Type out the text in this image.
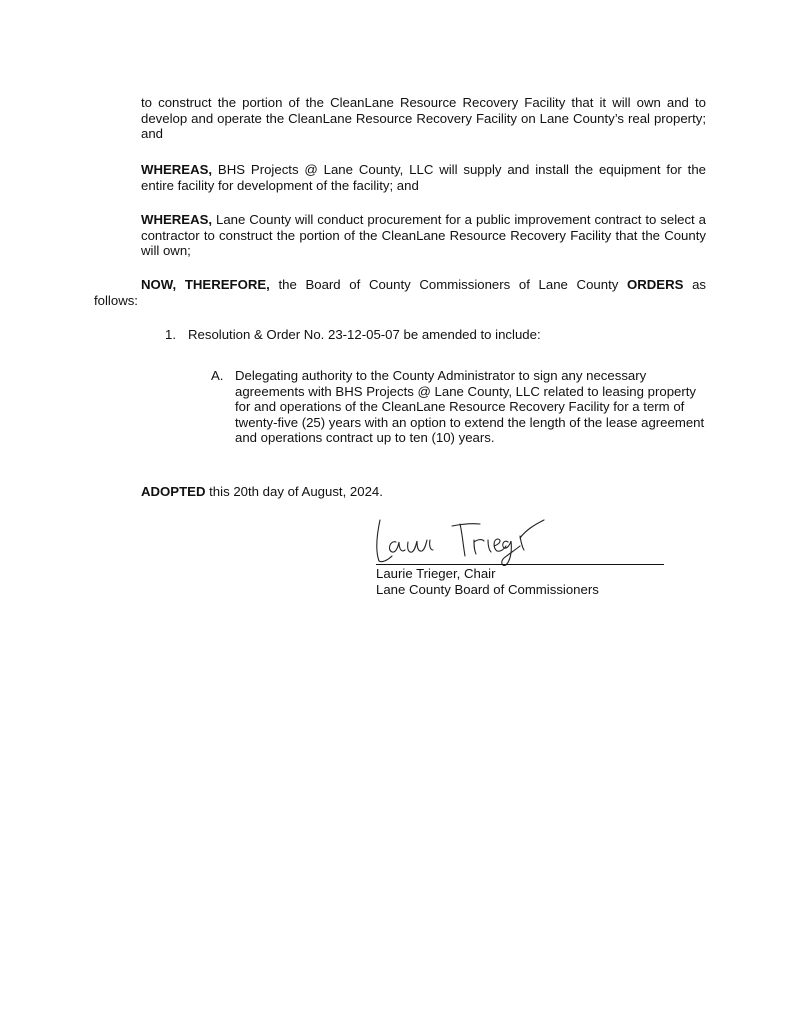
to construct the portion of the CleanLane Resource Recovery Facility that it will own and to develop and operate the CleanLane Resource Recovery Facility on Lane County’s real property; and

WHEREAS, BHS Projects @ Lane County, LLC will supply and install the equipment for the entire facility for development of the facility; and

WHEREAS, Lane County will conduct procurement for a public improvement contract to select a contractor to construct the portion of the CleanLane Resource Recovery Facility that the County will own;

NOW, THEREFORE, the Board of County Commissioners of Lane County ORDERS as

follows:

1. Resolution & Order No. 23-12-05-07 be amended to include:

A. Delegating authority to the County Administrator to sign any necessary agreements with BHS Projects @ Lane County, LLC related to leasing property for and operations of the CleanLane Resource Recovery Facility for a term of twenty-five (25) years with an option to extend the length of the lease agreement and operations contract up to ten (10) years.

ADOPTED this 20th day of August, 2024.

Laurie Trieger, Chair

Lane County Board of Commissioners
